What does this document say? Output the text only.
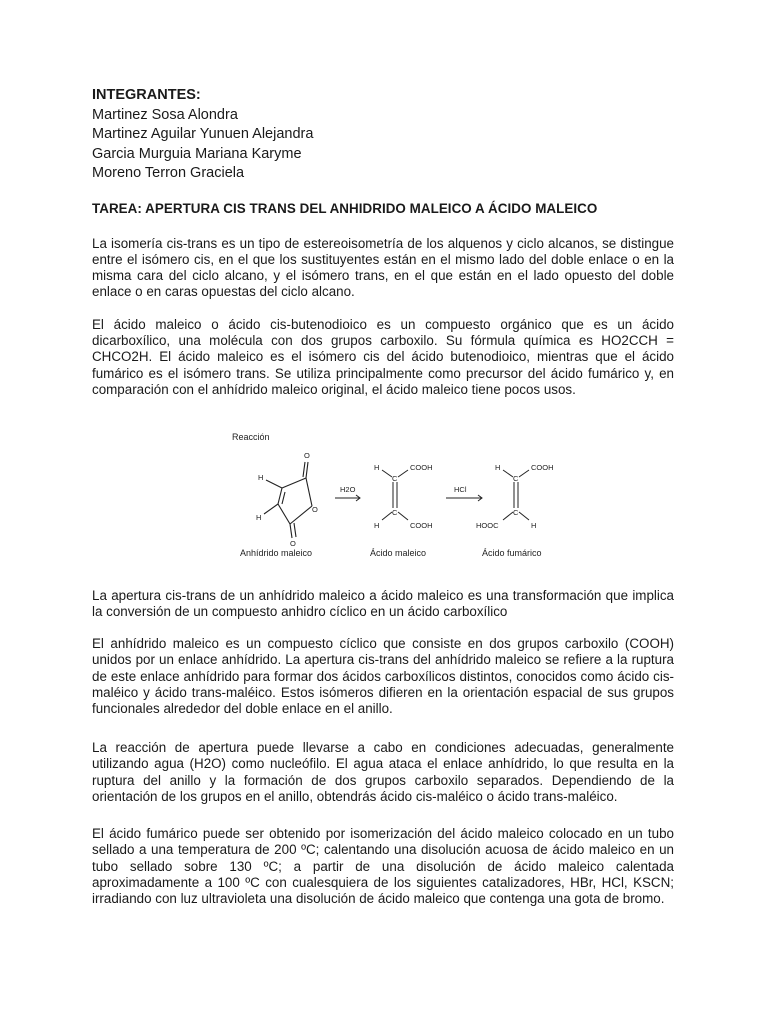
INTEGRANTES:

Martinez Sosa Alondra

Martinez Aguilar Yunuen Alejandra

Garcia Murguia Mariana Karyme

Moreno Terron Graciela

TAREA: APERTURA CIS TRANS DEL ANHIDRIDO MALEICO A ÁCIDO MALEICO

La isomería cis-trans es un tipo de estereoisometría de los alquenos y ciclo alcanos, se distingue entre el isómero cis, en el que los sustituyentes están en el mismo lado del doble enlace o en la misma cara del ciclo alcano, y el isómero trans, en el que están en el lado opuesto del doble enlace o en caras opuestas del ciclo alcano.

El ácido maleico o ácido cis-butenodioico es un compuesto orgánico que es un ácido dicarboxílico, una molécula con dos grupos carboxilo. Su fórmula química es HO2CCH = CHCO2H. El ácido maleico es el isómero cis del ácido butenodioico, mientras que el ácido fumárico es el isómero trans. Se utiliza principalmente como precursor del ácido fumárico y, en comparación con el anhídrido maleico original, el ácido maleico tiene pocos usos.

Reacción
O
O
O
H
H
H2O
C
C
H	COOH
H	COOH
HCl
C
C
H	COOH
HOOC	H
Anhídrido maleico	Ácido maleico	Ácido fumárico

La apertura cis-trans de un anhídrido maleico a ácido maleico es una transformación que implica la conversión de un compuesto anhidro cíclico en un ácido carboxílico

El anhídrido maleico es un compuesto cíclico que consiste en dos grupos carboxilo (COOH) unidos por un enlace anhídrido. La apertura cis-trans del anhídrido maleico se refiere a la ruptura de este enlace anhídrido para formar dos ácidos carboxílicos distintos, conocidos como ácido cis-maléico y ácido trans-maléico. Estos isómeros difieren en la orientación espacial de sus grupos funcionales alrededor del doble enlace en el anillo.

La reacción de apertura puede llevarse a cabo en condiciones adecuadas, generalmente utilizando agua (H2O) como nucleófilo. El agua ataca el enlace anhídrido, lo que resulta en la ruptura del anillo y la formación de dos grupos carboxilo separados. Dependiendo de la orientación de los grupos en el anillo, obtendrás ácido cis-maléico o ácido trans-maléico.

El ácido fumárico puede ser obtenido por isomerización del ácido maleico colocado en un tubo sellado a una temperatura de 200 ºC; calentando una disolución acuosa de ácido maleico en un tubo sellado sobre 130 ºC; a partir de una disolución de ácido maleico calentada aproximadamente a 100 ºC con cualesquiera de los siguientes catalizadores, HBr, HCl, KSCN; irradiando con luz ultravioleta una disolución de ácido maleico que contenga una gota de bromo.
